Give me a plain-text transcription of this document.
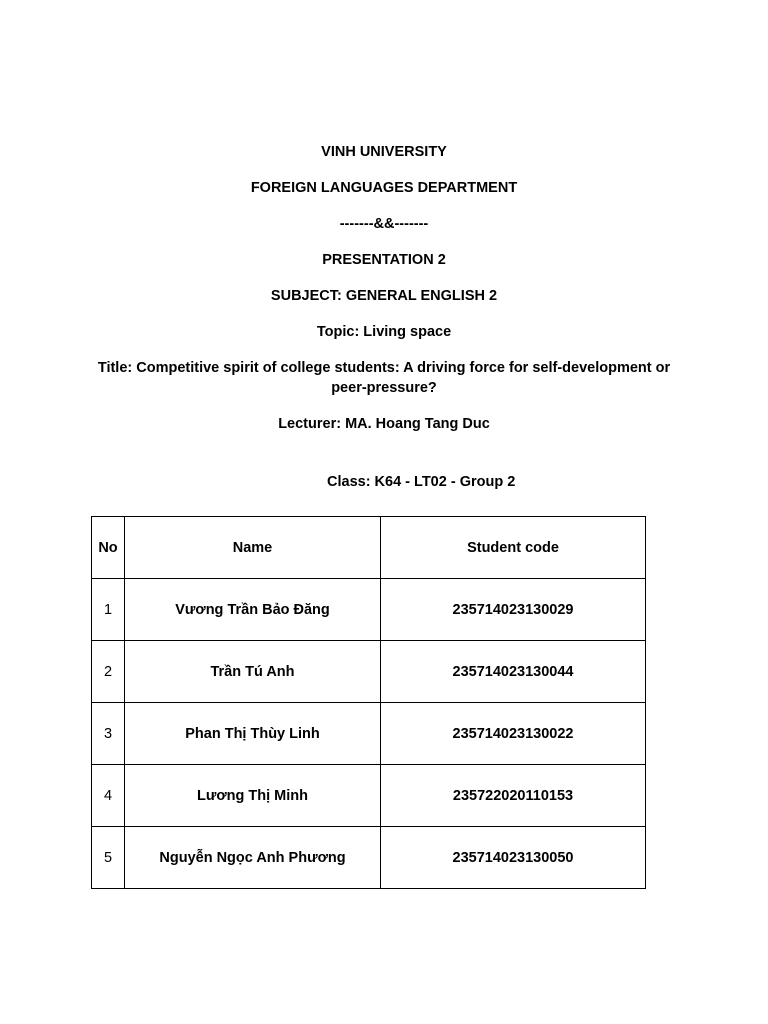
VINH UNIVERSITY
FOREIGN LANGUAGES DEPARTMENT
-------&&-------
PRESENTATION 2
SUBJECT: GENERAL ENGLISH 2
Topic: Living space
Title: Competitive spirit of college students: A driving force for self-development or peer-pressure?
Lecturer: MA. Hoang Tang Duc
Class: K64 - LT02 - Group 2
No	Name	Student code
1	Vương Trần Bảo Đăng	235714023130029
2	Trần Tú Anh	235714023130044
3	Phan Thị Thùy Linh	235714023130022
4	Lương Thị Minh	235722020110153
5	Nguyễn Ngọc Anh Phương	235714023130050
